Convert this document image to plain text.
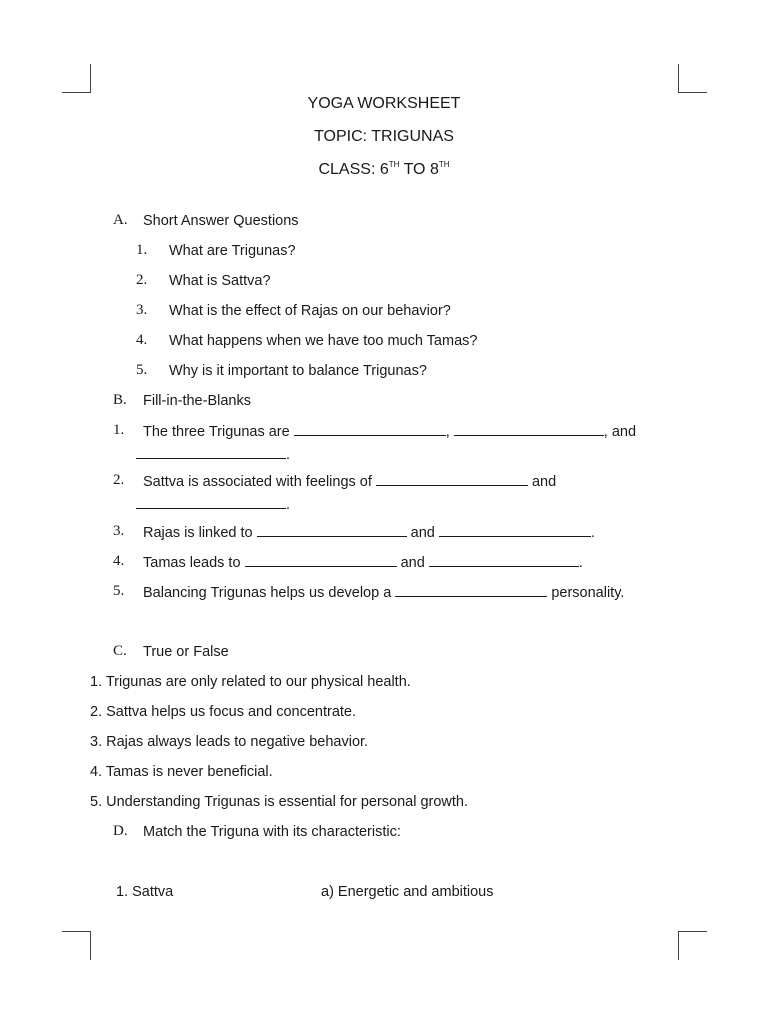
YOGA WORKSHEET
TOPIC: TRIGUNAS
CLASS: 6TH TO 8TH
A. Short Answer Questions
1. What are Trigunas?
2. What is Sattva?
3. What is the effect of Rajas on our behavior?
4. What happens when we have too much Tamas?
5. Why is it important to balance Trigunas?
B. Fill-in-the-Blanks
1. The three Trigunas are	,	, and
.
2. Sattva is associated with feelings of	and
.
3. Rajas is linked to	and	.
4. Tamas leads to	and	.
5. Balancing Trigunas helps us develop a	personality.
C. True or False
1. Trigunas are only related to our physical health.
2. Sattva helps us focus and concentrate.
3. Rajas always leads to negative behavior.
4. Tamas is never beneficial.
5. Understanding Trigunas is essential for personal growth.
D. Match the Triguna with its characteristic:
1. Sattva	a) Energetic and ambitious
